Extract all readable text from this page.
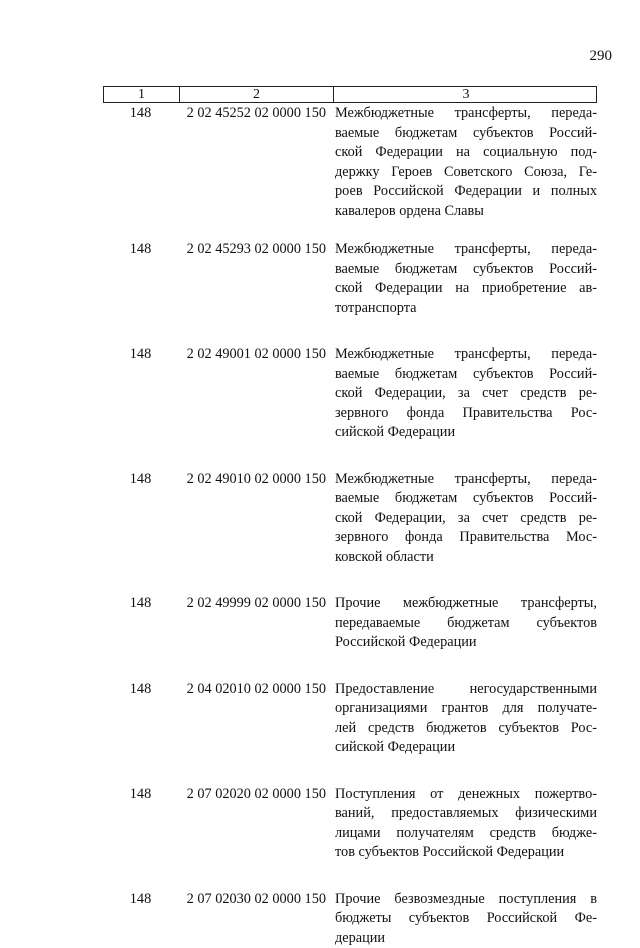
290
1	2	3
148	2 02 45252 02 0000 150 Межбюджетные трансферты, переда-
ваемые бюджетам субъектов Россий-
ской Федерации на социальную под-
держку Героев Советского Союза, Ге-
роев Российской Федерации и полных
кавалеров ордена Славы
148	2 02 45293 02 0000 150 Межбюджетные трансферты, переда-
ваемые бюджетам субъектов Россий-
ской Федерации на приобретение ав-
тотранспорта
148	2 02 49001 02 0000 150 Межбюджетные трансферты, переда-
ваемые бюджетам субъектов Россий-
ской Федерации, за счет средств ре-
зервного фонда Правительства Рос-
сийской Федерации
148	2 02 49010 02 0000 150 Межбюджетные трансферты, переда-
ваемые бюджетам субъектов Россий-
ской Федерации, за счет средств ре-
зервного фонда Правительства Мос-
ковской области
148	2 02 49999 02 0000 150 Прочие межбюджетные трансферты,
передаваемые бюджетам субъектов
Российской Федерации
148	2 04 02010 02 0000 150 Предоставление негосударственными
организациями грантов для получате-
лей средств бюджетов субъектов Рос-
сийской Федерации
148	2 07 02020 02 0000 150 Поступления от денежных пожертво-
ваний, предоставляемых физическими
лицами получателям средств бюдже-
тов субъектов Российской Федерации
148	2 07 02030 02 0000 150 Прочие безвозмездные поступления в
бюджеты субъектов Российской Фе-
дерации
